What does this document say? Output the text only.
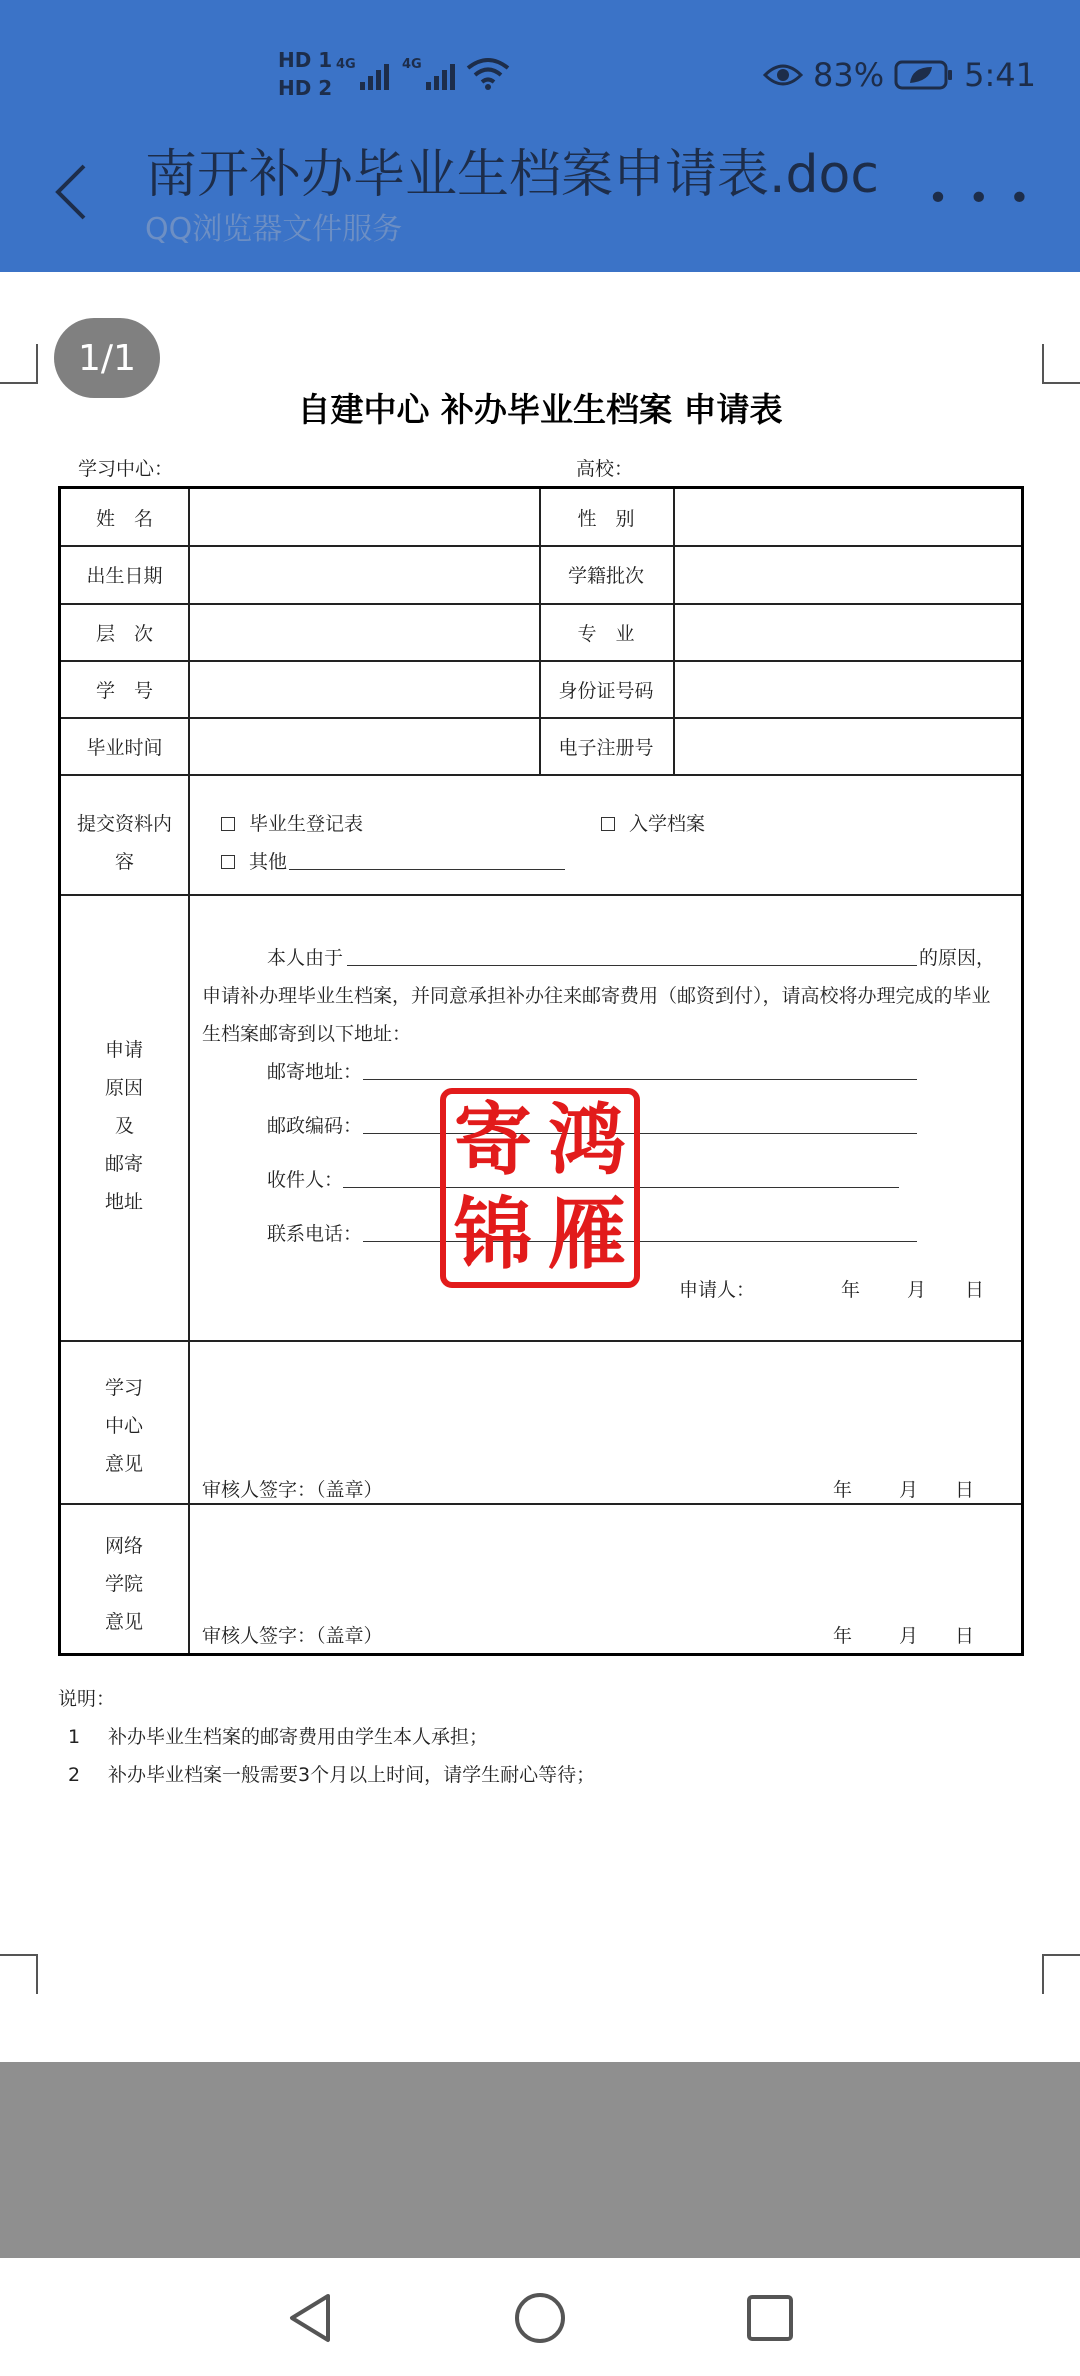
HD 1
HD 2
4G	4G	83%	5:41
南开补办毕业生档案申请表.doc
QQ浏览器文件服务
• • •
1/1
自建中心 补办毕业生档案 申请表
学习中心：	高校：
姓　名	性　别
出生日期	学籍批次
层　次	专　业
学　号	身份证号码
毕业时间	电子注册号
提交资料内
容
毕业生登记表	入学档案
其他
申请
原因
及
邮寄
地址
本人由于	的原因，
申请补办理毕业生档案，并同意承担补办往来邮寄费用（邮资到付），请高校将办理完成的毕业
生档案邮寄到以下地址：
邮寄地址：
邮政编码：
收件人：
联系电话：
申请人：	年 月 日
学习
中心
意见
审核人签字：（盖章）	年 月 日
网络
学院
意见
审核人签字：（盖章）	年 月 日
寄 鸿
锦 雁
说明：
1 补办毕业生档案的邮寄费用由学生本人承担；
2 补办毕业档案一般需要3个月以上时间，请学生耐心等待；
